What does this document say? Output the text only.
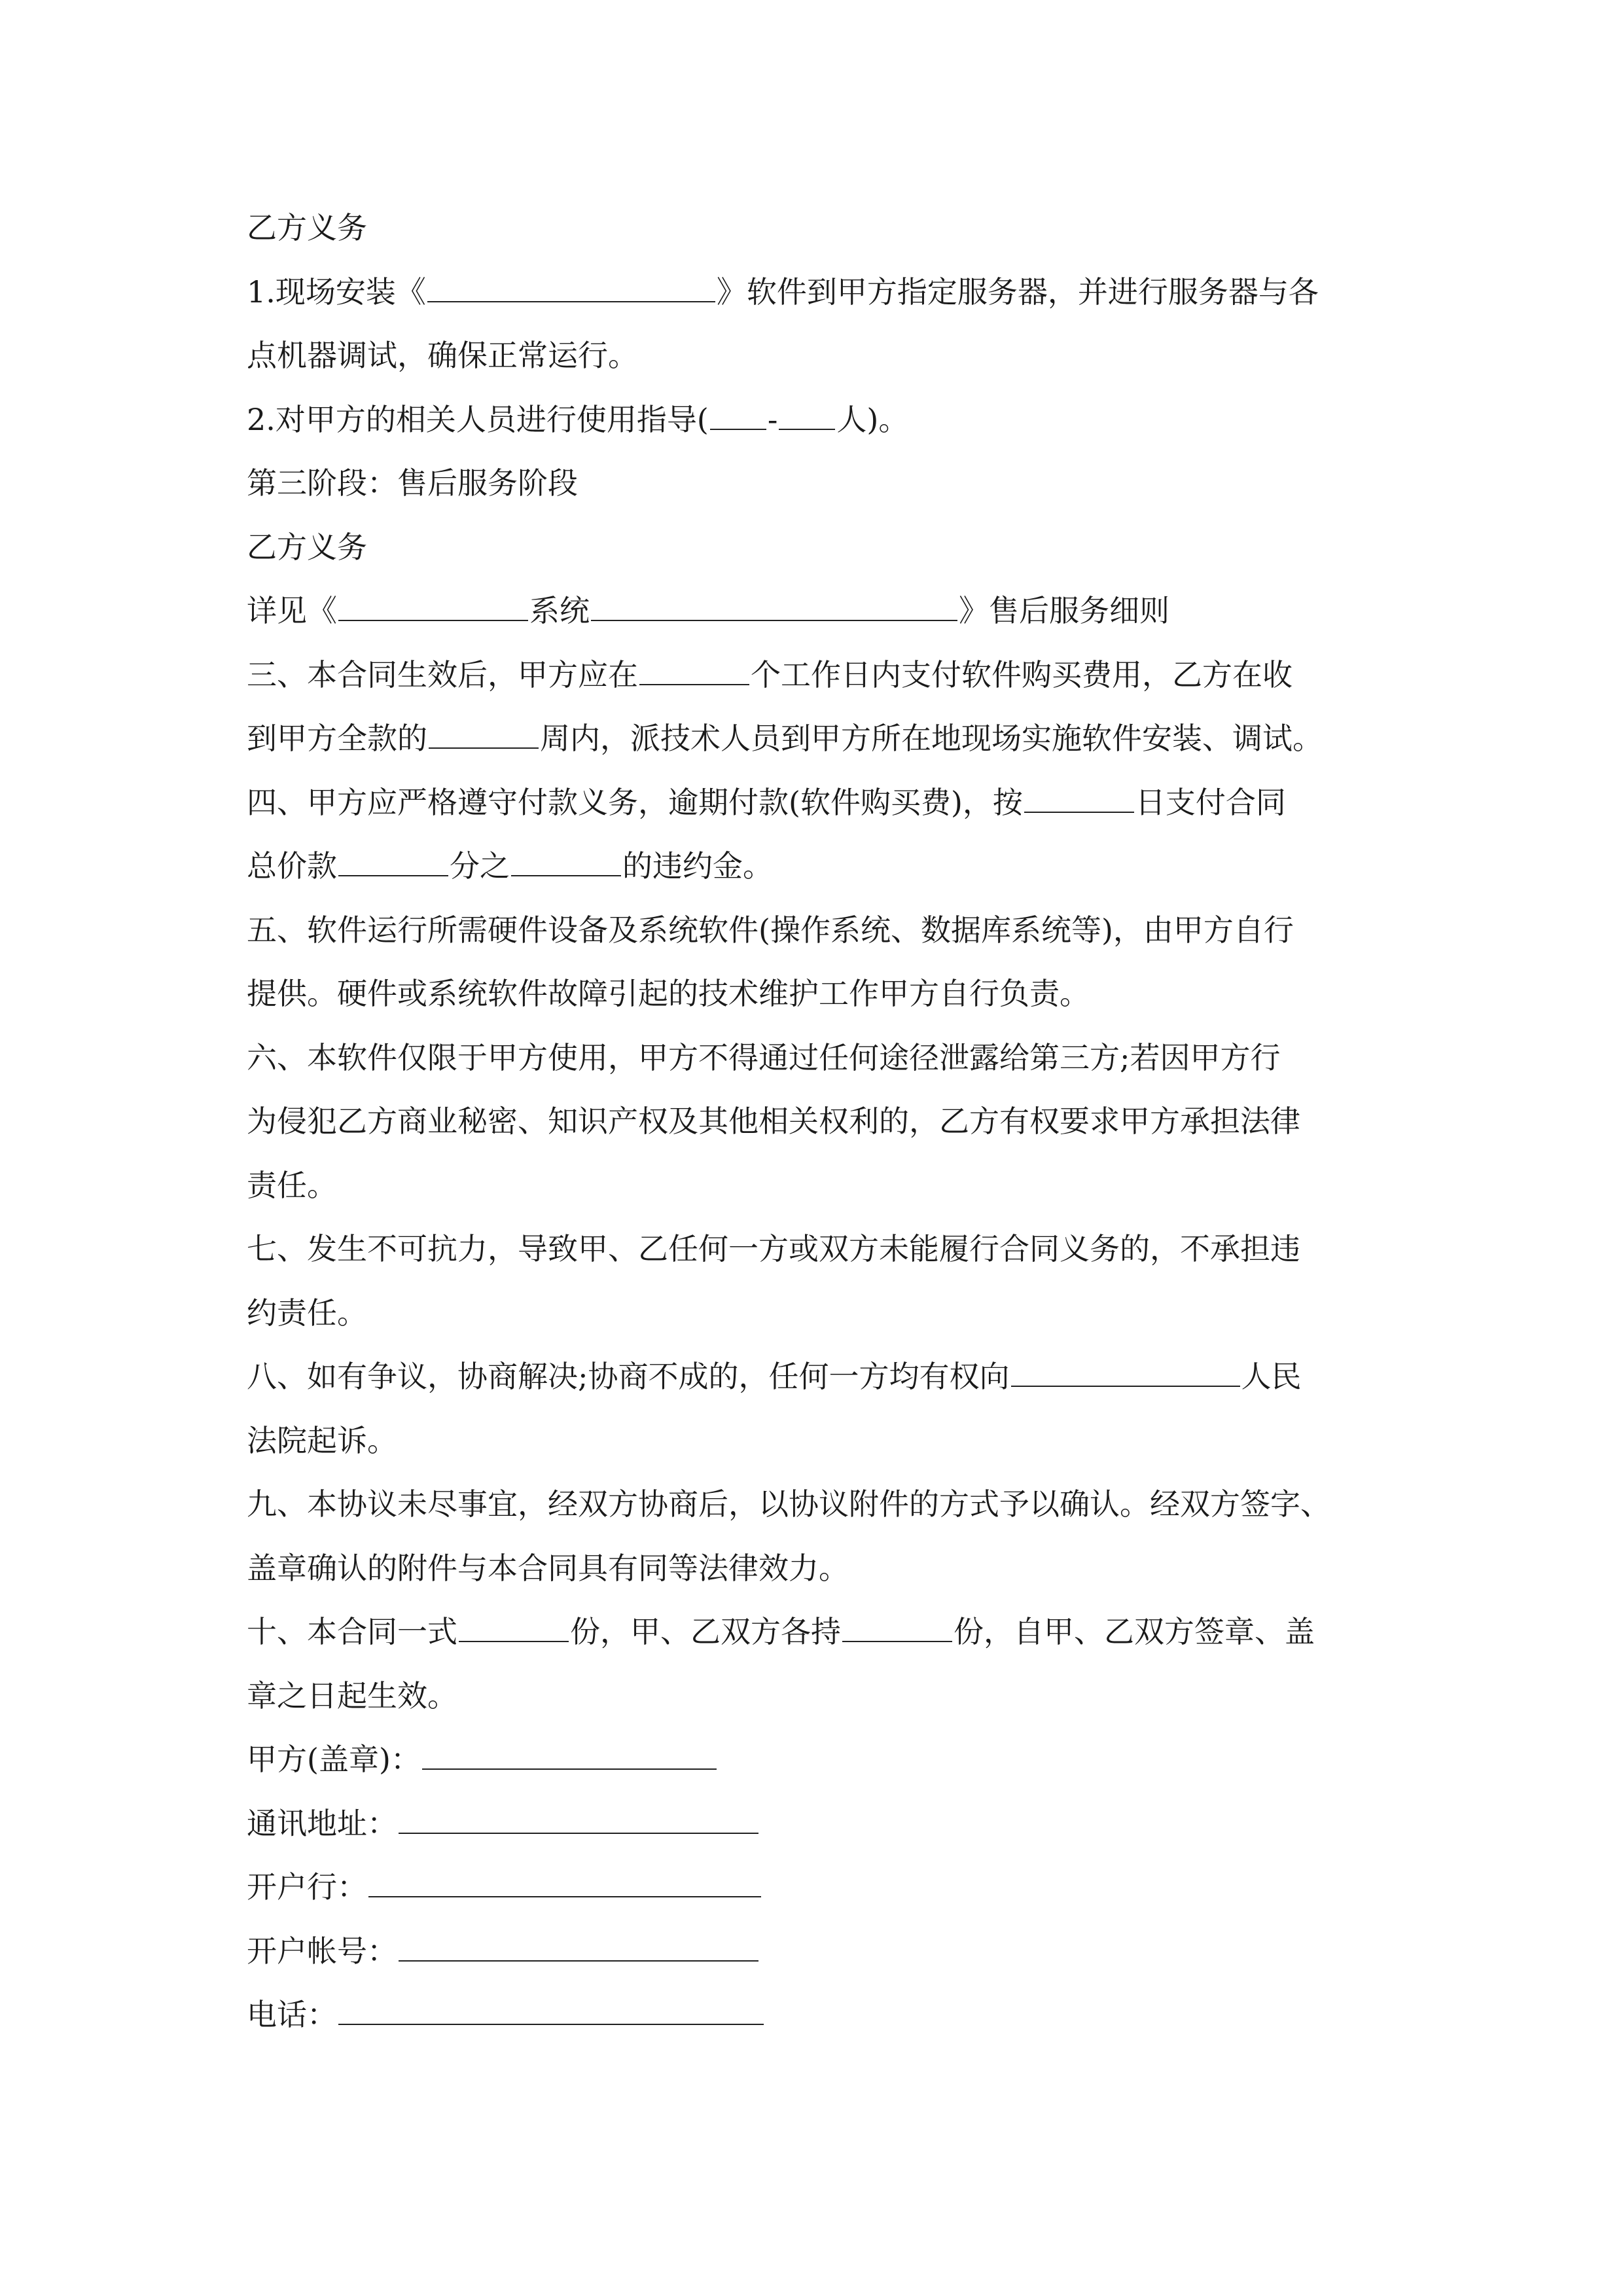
乙方义务
1.现场安装《	》软件到甲方指定服务器，并进行服务器与各
点机器调试，确保正常运行。
2.对甲方的相关人员进行使用指导( - 人)。
第三阶段：售后服务阶段
乙方义务
详见《	系统	》售后服务细则
三、本合同生效后，甲方应在	个工作日内支付软件购买费用，乙方在收
到甲方全款的	周内，派技术人员到甲方所在地现场实施软件安装、调试。
四、甲方应严格遵守付款义务，逾期付款(软件购买费)，按	日支付合同
总价款	分之	的违约金。
五、软件运行所需硬件设备及系统软件(操作系统、数据库系统等)，由甲方自行
提供。硬件或系统软件故障引起的技术维护工作甲方自行负责。
六、本软件仅限于甲方使用，甲方不得通过任何途径泄露给第三方;若因甲方行
为侵犯乙方商业秘密、知识产权及其他相关权利的，乙方有权要求甲方承担法律
责任。
七、发生不可抗力，导致甲、乙任何一方或双方未能履行合同义务的，不承担违
约责任。
八、如有争议，协商解决;协商不成的，任何一方均有权向	人民
法院起诉。
九、本协议未尽事宜，经双方协商后，以协议附件的方式予以确认。经双方签字、
盖章确认的附件与本合同具有同等法律效力。
十、本合同一式	份，甲、乙双方各持	份，自甲、乙双方签章、盖
章之日起生效。
甲方(盖章)：
通讯地址：
开户行：
开户帐号：
电话：
